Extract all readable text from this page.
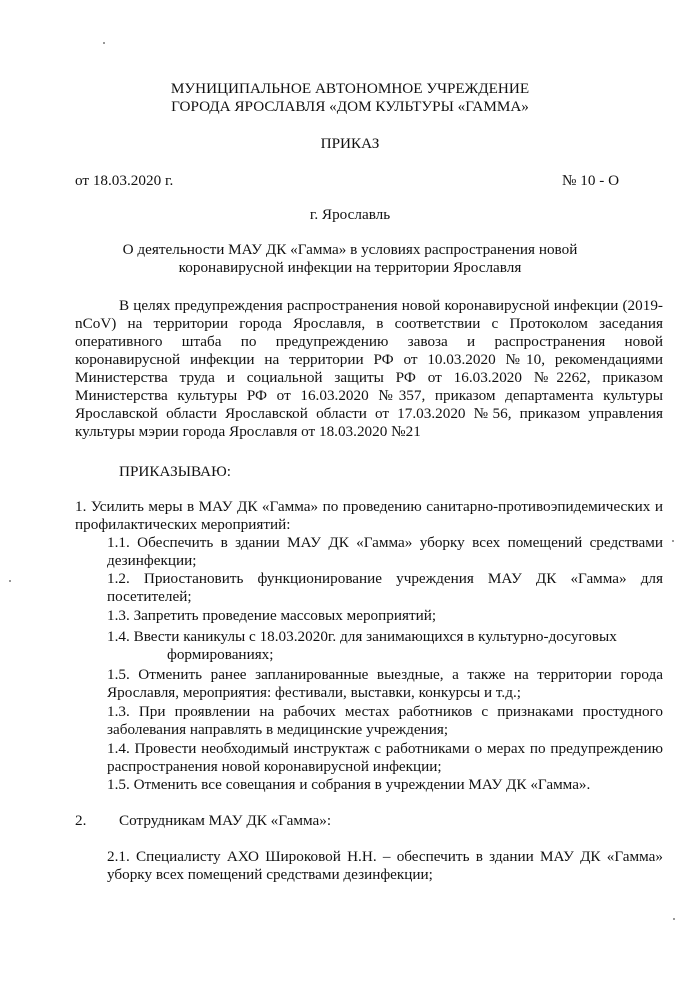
МУНИЦИПАЛЬНОЕ АВТОНОМНОЕ УЧРЕЖДЕНИЕ
ГОРОДА ЯРОСЛАВЛЯ «ДОМ КУЛЬТУРЫ «ГАММА»
ПРИКАЗ
от 18.03.2020 г.	№ 10 - О
г. Ярославль
О деятельности МАУ ДК «Гамма» в условиях распространения новой
коронавирусной инфекции на территории Ярославля
В целях предупреждения распространения новой коронавирусной инфекции (2019-nCoV) на территории города Ярославля, в соответствии с Протоколом заседания оперативного штаба по предупреждению завоза и распространения новой коронавирусной инфекции на территории РФ от 10.03.2020 №10, рекомендациями Министерства труда и социальной защиты РФ от 16.03.2020 №2262, приказом Министерства культуры РФ от 16.03.2020 №357, приказом департамента культуры Ярославской области Ярославской области от 17.03.2020 №56, приказом управления культуры мэрии города Ярославля от 18.03.2020 №21
ПРИКАЗЫВАЮ:
1. Усилить меры в МАУ ДК «Гамма» по проведению санитарно-противоэпидемических и профилактических мероприятий:
1.1. Обеспечить в здании МАУ ДК «Гамма» уборку всех помещений средствами дезинфекции;
1.2. Приостановить функционирование учреждения МАУ ДК «Гамма» для посетителей;
1.3. Запретить проведение массовых мероприятий;
1.4. Ввести каникулы с 18.03.2020г. для занимающихся в культурно-досуговых
формированиях;
1.5. Отменить ранее запланированные выездные, а также на территории города Ярославля, мероприятия: фестивали, выставки, конкурсы и т.д.;
1.3. При проявлении на рабочих местах работников с признаками простудного заболевания направлять в медицинские учреждения;
1.4. Провести необходимый инструктаж с работниками о мерах по предупреждению распространения новой коронавирусной инфекции;
1.5. Отменить все совещания и собрания в учреждении МАУ ДК «Гамма».
2. Сотрудникам МАУ ДК «Гамма»:
2.1. Специалисту АХО Широковой Н.Н. – обеспечить в здании МАУ ДК «Гамма» уборку всех помещений средствами дезинфекции;
